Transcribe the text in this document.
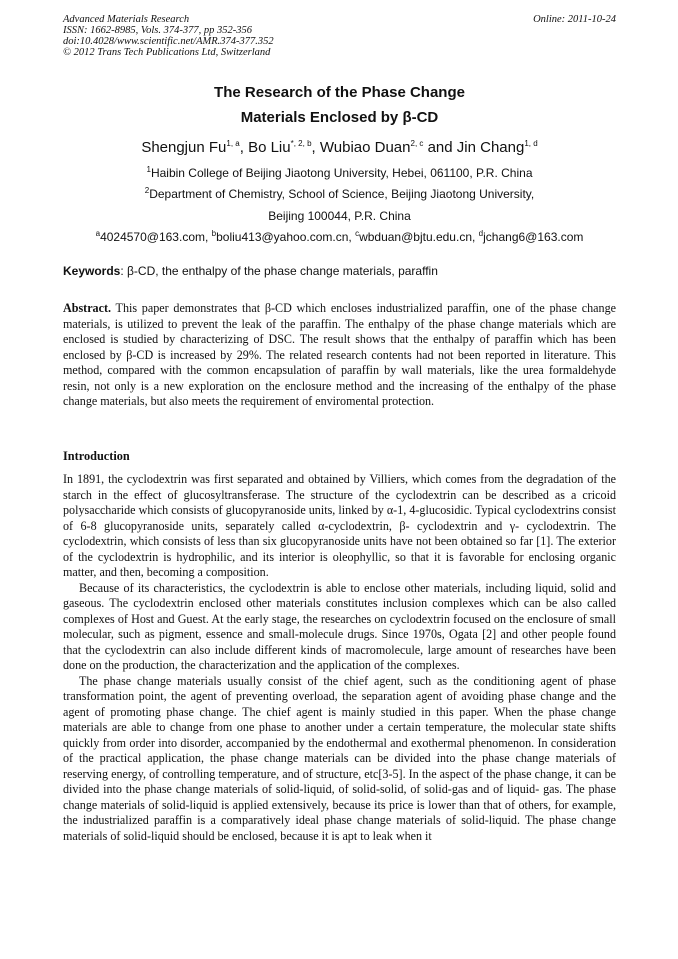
Advanced Materials Research
ISSN: 1662-8985, Vols. 374-377, pp 352-356
doi:10.4028/www.scientific.net/AMR.374-377.352
© 2012 Trans Tech Publications Ltd, Switzerland
Online: 2011-10-24
The Research of the Phase Change
Materials Enclosed by β-CD
Shengjun Fu$^{1, a}$, Bo Liu$^{*, 2, b}$, Wubiao Duan$^{2, c}$ and Jin Chang$^{1, d}$
$^1$Haibin College of Beijing Jiaotong University, Hebei, 061100, P.R. China
$^2$Department of Chemistry, School of Science, Beijing Jiaotong University,
Beijing 100044, P.R. China
$^a$4024570@163.com, $^b$boliu413@yahoo.com.cn, $^c$wbduan@bjtu.edu.cn, $^d$jchang6@163.com
Keywords: β-CD, the enthalpy of the phase change materials, paraffin

Abstract. This paper demonstrates that β-CD which encloses industrialized paraffin, one of the phase change materials, is utilized to prevent the leak of the paraffin. The enthalpy of the phase change materials which are enclosed is studied by characterizing of DSC. The result shows that the enthalpy of paraffin which has been enclosed by β-CD is increased by 29%. The related research contents had not been reported in literature. This method, compared with the common encapsulation of paraffin by wall materials, like the urea formaldehyde resin, not only is a new exploration on the enclosure method and the increasing of the enthalpy of the phase change materials, but also meets the requirement of enviromental protection.

Introduction

In 1891, the cyclodextrin was first separated and obtained by Villiers, which comes from the degradation of the starch in the effect of glucosyltransferase. The structure of the cyclodextrin can be described as a cricoid polysaccharide which consists of glucopyranoside units, linked by α-1, 4-glucosidic. Typical cyclodextrins consist of 6-8 glucopyranoside units, separately called α-cyclodextrin, β- cyclodextrin and γ- cyclodextrin. The cyclodextrin, which consists of less than six glucopyranoside units have not been obtained so far [1]. The exterior of the cyclodextrin is hydrophilic, and its interior is oleophyllic, so that it is favorable for enclosing organic matter, and then, becoming a composition.

Because of its characteristics, the cyclodextrin is able to enclose other materials, including liquid, solid and gaseous. The cyclodextrin enclosed other materials constitutes inclusion complexes which can be also called complexes of Host and Guest. At the early stage, the researches on cyclodextrin focused on the enclosure of small molecular, such as pigment, essence and small-molecule drugs. Since 1970s, Ogata [2] and other people found that the cyclodextrin can also include different kinds of macromolecule, large amount of researches have been done on the production, the characterization and the application of the complexes.

The phase change materials usually consist of the chief agent, such as the conditioning agent of phase transformation point, the agent of preventing overload, the separation agent of avoiding phase change and the agent of promoting phase change. The chief agent is mainly studied in this paper. When the phase change materials are able to change from one phase to another under a certain temperature, the molecular state shifts quickly from order into disorder, accompanied by the endothermal and exothermal phenomenon. In consideration of the practical application, the phase change materials can be divided into the phase change materials of reserving energy, of controlling temperature, and of structure, etc[3-5]. In the aspect of the phase change, it can be divided into the phase change materials of solid-liquid, of solid-solid, of solid-gas and of liquid- gas. The phase change materials of solid-liquid is applied extensively, because its price is lower than that of others, for example, the industrialized paraffin is a comparatively ideal phase change materials of solid-liquid. The phase change materials of solid-liquid should be enclosed, because it is apt to leak when it
